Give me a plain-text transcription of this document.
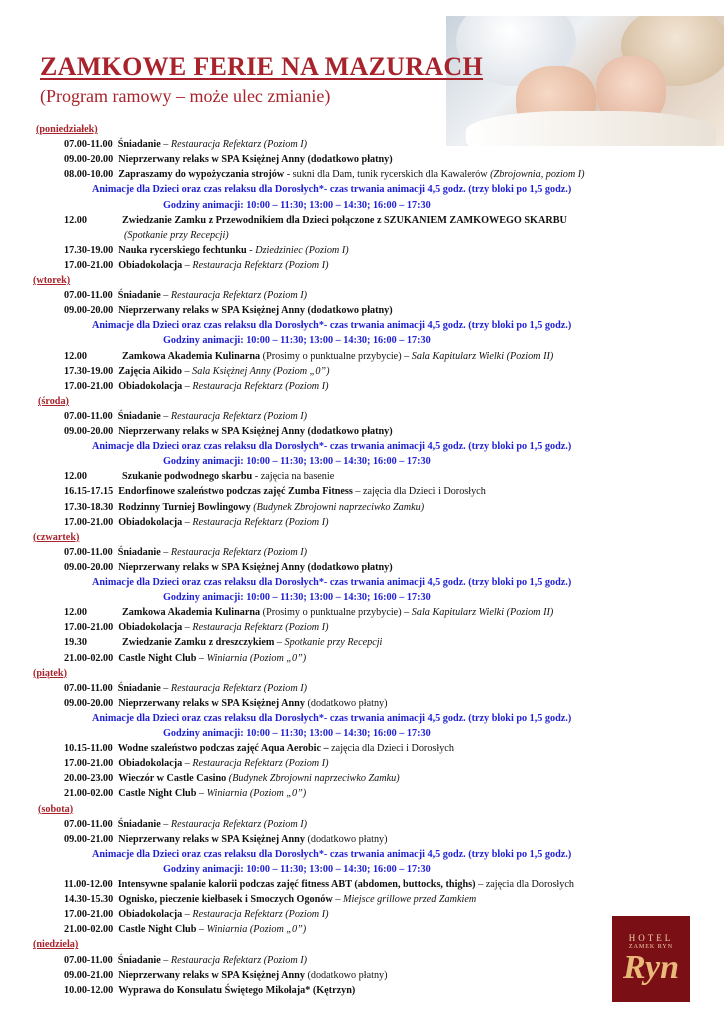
ZAMKOWE FERIE NA MAZURACH
(Program ramowy – może ulec zmianie)
(poniedziałek)
07.00-11.00 Śniadanie – Restauracja Refektarz (Poziom I)
09.00-20.00 Nieprzerwany relaks w SPA Księżnej Anny (dodatkowo płatny)
08.00-10.00 Zapraszamy do wypożyczania strojów - sukni dla Dam, tunik rycerskich dla Kawalerów (Zbrojownia, poziom I)
Animacje dla Dzieci oraz czas relaksu dla Dorosłych*- czas trwania animacji 4,5 godz. (trzy bloki po 1,5 godz.)
Godziny animacji: 10:00 – 11:30; 13:00 – 14:30; 16:00 – 17:30
12.00	Zwiedzanie Zamku z Przewodnikiem dla Dzieci połączone z SZUKANIEM ZAMKOWEGO SKARBU
(Spotkanie przy Recepcji)
17.30-19.00 Nauka rycerskiego fechtunku - Dziedziniec (Poziom I)
17.00-21.00 Obiadokolacja – Restauracja Refektarz (Poziom I)
(wtorek)
07.00-11.00 Śniadanie – Restauracja Refektarz (Poziom I)
09.00-20.00 Nieprzerwany relaks w SPA Księżnej Anny (dodatkowo płatny)
Animacje dla Dzieci oraz czas relaksu dla Dorosłych*- czas trwania animacji 4,5 godz. (trzy bloki po 1,5 godz.)
Godziny animacji: 10:00 – 11:30; 13:00 – 14:30; 16:00 – 17:30
12.00	Zamkowa Akademia Kulinarna (Prosimy o punktualne przybycie) – Sala Kapitularz Wielki (Poziom II)
17.30-19.00 Zajęcia Aikido – Sala Księżnej Anny (Poziom „0”)
17.00-21.00 Obiadokolacja – Restauracja Refektarz (Poziom I)
(środa)
07.00-11.00 Śniadanie – Restauracja Refektarz (Poziom I)
09.00-20.00 Nieprzerwany relaks w SPA Księżnej Anny (dodatkowo płatny)
Animacje dla Dzieci oraz czas relaksu dla Dorosłych*- czas trwania animacji 4,5 godz. (trzy bloki po 1,5 godz.)
Godziny animacji: 10:00 – 11:30; 13:00 – 14:30; 16:00 – 17:30
12.00	Szukanie podwodnego skarbu - zajęcia na basenie
16.15-17.15 Endorfinowe szaleństwo podczas zajęć Zumba Fitness – zajęcia dla Dzieci i Dorosłych
17.30-18.30 Rodzinny Turniej Bowlingowy (Budynek Zbrojowni naprzeciwko Zamku)
17.00-21.00 Obiadokolacja – Restauracja Refektarz (Poziom I)
(czwartek)
07.00-11.00 Śniadanie – Restauracja Refektarz (Poziom I)
09.00-20.00 Nieprzerwany relaks w SPA Księżnej Anny (dodatkowo płatny)
Animacje dla Dzieci oraz czas relaksu dla Dorosłych*- czas trwania animacji 4,5 godz. (trzy bloki po 1,5 godz.)
Godziny animacji: 10:00 – 11:30; 13:00 – 14:30; 16:00 – 17:30
12.00	Zamkowa Akademia Kulinarna (Prosimy o punktualne przybycie) – Sala Kapitularz Wielki (Poziom II)
17.00-21.00 Obiadokolacja – Restauracja Refektarz (Poziom I)
19.30	Zwiedzanie Zamku z dreszczykiem – Spotkanie przy Recepcji
21.00-02.00 Castle Night Club – Winiarnia (Poziom „0”)
(piątek)
07.00-11.00 Śniadanie – Restauracja Refektarz (Poziom I)
09.00-20.00 Nieprzerwany relaks w SPA Księżnej Anny (dodatkowo płatny)
Animacje dla Dzieci oraz czas relaksu dla Dorosłych*- czas trwania animacji 4,5 godz. (trzy bloki po 1,5 godz.)
Godziny animacji: 10:00 – 11:30; 13:00 – 14:30; 16:00 – 17:30
10.15-11.00 Wodne szaleństwo podczas zajęć Aqua Aerobic – zajęcia dla Dzieci i Dorosłych
17.00-21.00 Obiadokolacja – Restauracja Refektarz (Poziom I)
20.00-23.00 Wieczór w Castle Casino (Budynek Zbrojowni naprzeciwko Zamku)
21.00-02.00 Castle Night Club – Winiarnia (Poziom „0”)
(sobota)
07.00-11.00 Śniadanie – Restauracja Refektarz (Poziom I)
09.00-21.00 Nieprzerwany relaks w SPA Księżnej Anny (dodatkowo płatny)
Animacje dla Dzieci oraz czas relaksu dla Dorosłych*- czas trwania animacji 4,5 godz. (trzy bloki po 1,5 godz.)
Godziny animacji: 10:00 – 11:30; 13:00 – 14:30; 16:00 – 17:30
11.00-12.00 Intensywne spalanie kalorii podczas zajęć fitness ABT (abdomen, buttocks, thighs) – zajęcia dla Dorosłych
14.30-15.30 Ognisko, pieczenie kiełbasek i Smoczych Ogonów – Miejsce grillowe przed Zamkiem
17.00-21.00 Obiadokolacja – Restauracja Refektarz (Poziom I)
21.00-02.00 Castle Night Club – Winiarnia (Poziom „0”)
(niedziela)
07.00-11.00 Śniadanie – Restauracja Refektarz (Poziom I)
09.00-21.00 Nieprzerwany relaks w SPA Księżnej Anny (dodatkowo płatny)
10.00-12.00 Wyprawa do Konsulatu Świętego Mikołaja* (Kętrzyn)
HOTEL
ZAMEK RYN
Ryn
